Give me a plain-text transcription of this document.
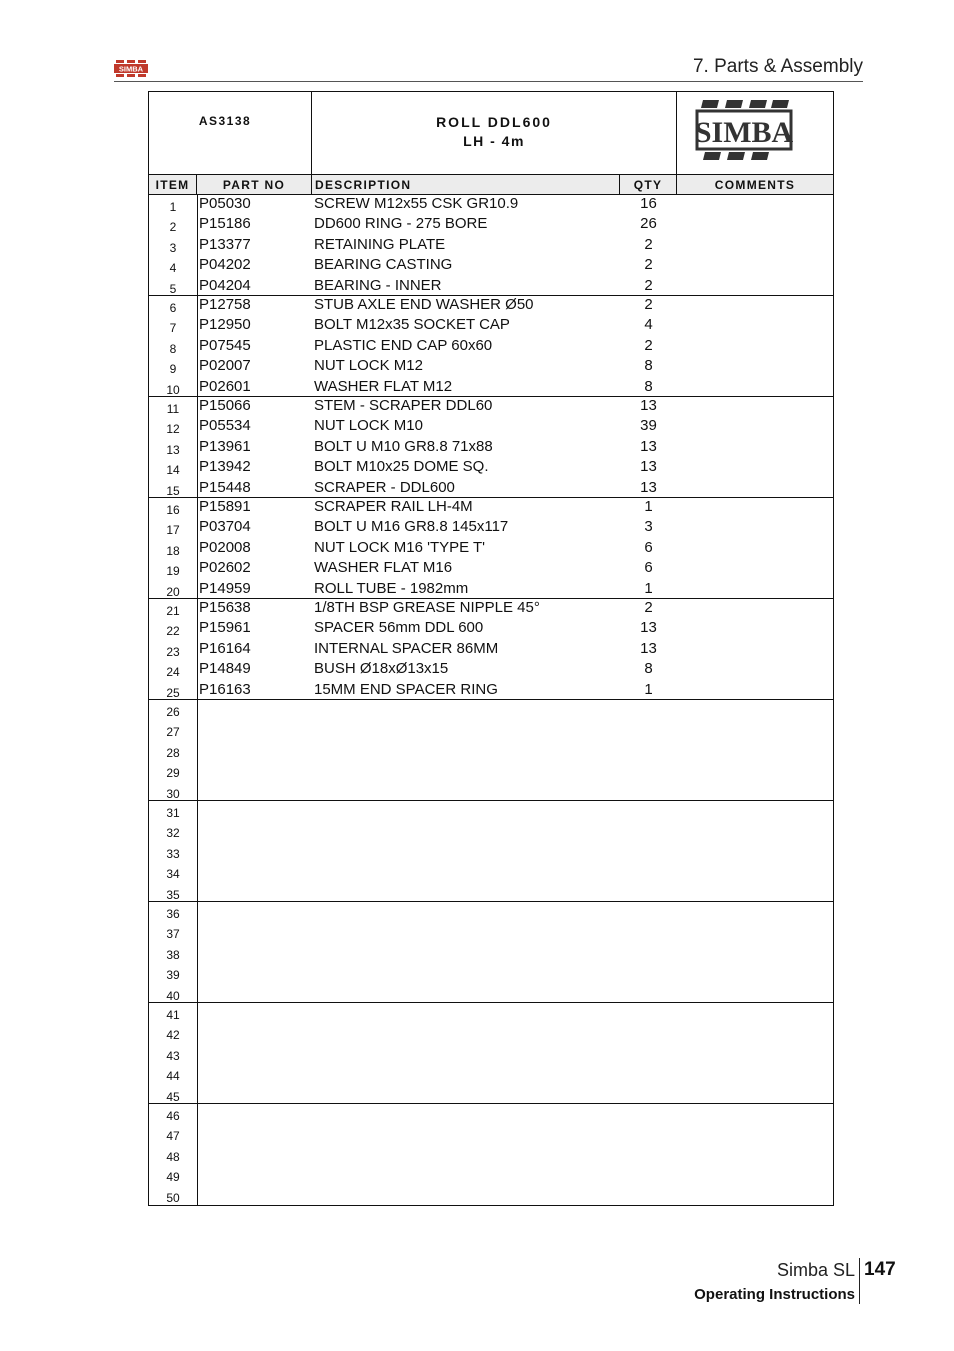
SIMBA	7. Parts & Assembly
AS3138	ROLL DDL600
LH - 4m	SIMBA
ITEM	PART NO	DESCRIPTION	QTY	COMMENTS
1	P05030	SCREW M12x55 CSK GR10.9	16
2	P15186	DD600 RING - 275 BORE	26
3	P13377	RETAINING PLATE	2
4	P04202	BEARING CASTING	2
5	P04204	BEARING - INNER	2
6	P12758	STUB AXLE END WASHER Ø50	2
7	P12950	BOLT M12x35 SOCKET CAP	4
8	P07545	PLASTIC END CAP 60x60	2
9	P02007	NUT LOCK M12	8
10	P02601	WASHER FLAT M12	8
11	P15066	STEM - SCRAPER DDL60	13
12	P05534	NUT LOCK M10	39
13	P13961	BOLT U M10 GR8.8 71x88	13
14	P13942	BOLT M10x25 DOME SQ.	13
15	P15448	SCRAPER - DDL600	13
16	P15891	SCRAPER RAIL LH-4M	1
17	P03704	BOLT U M16 GR8.8 145x117	3
18	P02008	NUT LOCK M16 'TYPE T'	6
19	P02602	WASHER FLAT M16	6
20	P14959	ROLL TUBE - 1982mm	1
21	P15638	1/8TH BSP GREASE NIPPLE 45°	2
22	P15961	SPACER 56mm DDL 600	13
23	P16164	INTERNAL SPACER 86MM	13
24	P14849	BUSH Ø18xØ13x15	8
25	P16163	15MM END SPACER RING	1
26
27
28
29
30
31
32
33
34
35
36
37
38
39
40
41
42
43
44
45
46
47
48
49
50
Simba SL 147
Operating Instructions
